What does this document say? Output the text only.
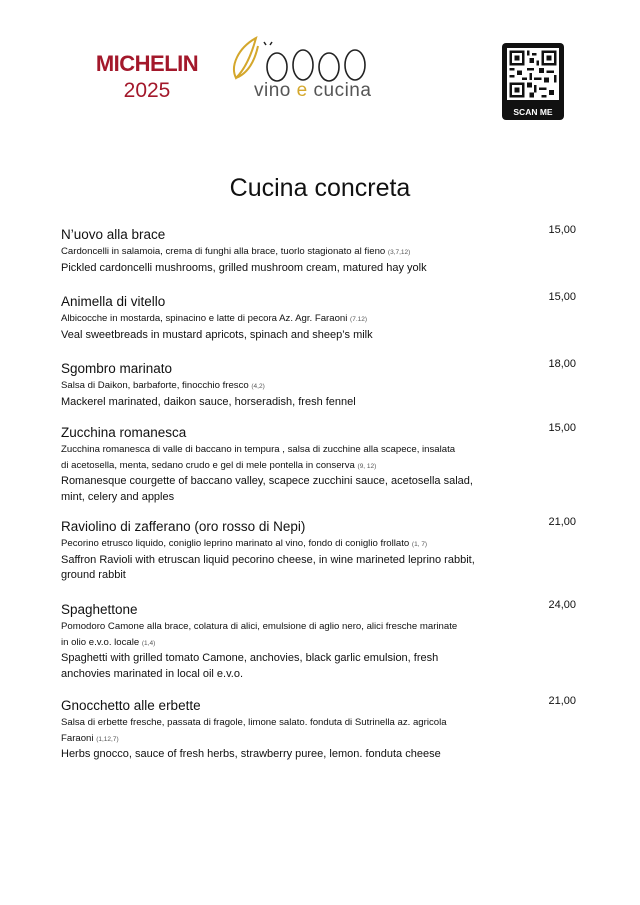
MICHELIN
2025	vino e cucina
SCAN ME
Cucina concreta
N’uovo alla brace	15,00
Cardoncelli in salamoia, crema di funghi alla brace, tuorlo stagionato al fieno (3,7,12)
Pickled cardoncelli mushrooms, grilled mushroom cream, matured hay yolk
Animella di vitello	15,00
Albicocche in mostarda, spinacino e latte di pecora Az. Agr. Faraoni (7.12)
Veal sweetbreads in mustard apricots, spinach and sheep’s milk
Sgombro marinato	18,00
Salsa di Daikon, barbaforte, finocchio fresco (4,2)
Mackerel marinated, daikon sauce, horseradish, fresh fennel
Zucchina romanesca	15,00
Zucchina romanesca di valle di baccano in tempura , salsa di zucchine alla scapece, insalata
di acetosella, menta, sedano crudo e gel di mele pontella in conserva (9, 12)
Romanesque courgette of baccano valley, scapece zucchini sauce, acetosella salad,
mint, celery and apples
Raviolino di zafferano (oro rosso di Nepi)	21,00
Pecorino etrusco liquido, coniglio leprino marinato al vino, fondo di coniglio frollato (1, 7)
Saffron Ravioli with etruscan liquid pecorino cheese, in wine marineted leprino rabbit,
ground rabbit
Spaghettone	24,00
Pomodoro Camone alla brace, colatura di alici, emulsione di aglio nero, alici fresche marinate
in olio e.v.o. locale (1,4)
Spaghetti with grilled tomato Camone, anchovies, black garlic emulsion, fresh
anchovies marinated in local oil e.v.o.
Gnocchetto alle erbette	21,00
Salsa di erbette fresche, passata di fragole, limone salato. fonduta di Sutrinella az. agricola
Faraoni (1,12,7)
Herbs gnocco, sauce of fresh herbs, strawberry puree, lemon. fonduta cheese
